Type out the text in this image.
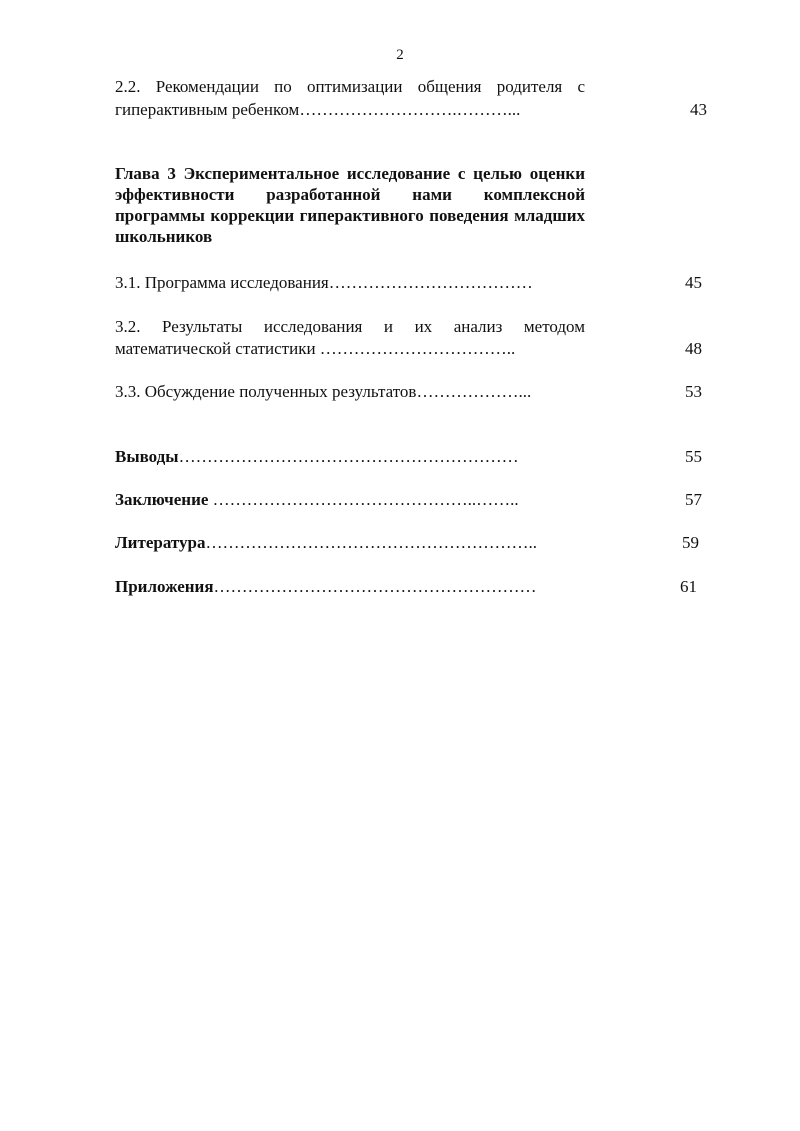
2
2.2. Рекомендации по оптимизации общения родителя с
гиперактивным ребенком……………………….………...	43
Глава 3 Экспериментальное исследование с целью оценки эффективности разработанной нами комплексной программы коррекции гиперактивного поведения младших школьников
3.1. Программа исследования………………………………	45
3.2. Результаты исследования и их анализ методом
математической статистики ……………………………..	48
3.3. Обсуждение полученных результатов………………...	53
Выводы……………………………………………………	55
Заключение ………………………………………..……..	57
Литература…………………………………………………..	59
Приложения…………………………………………………	61
